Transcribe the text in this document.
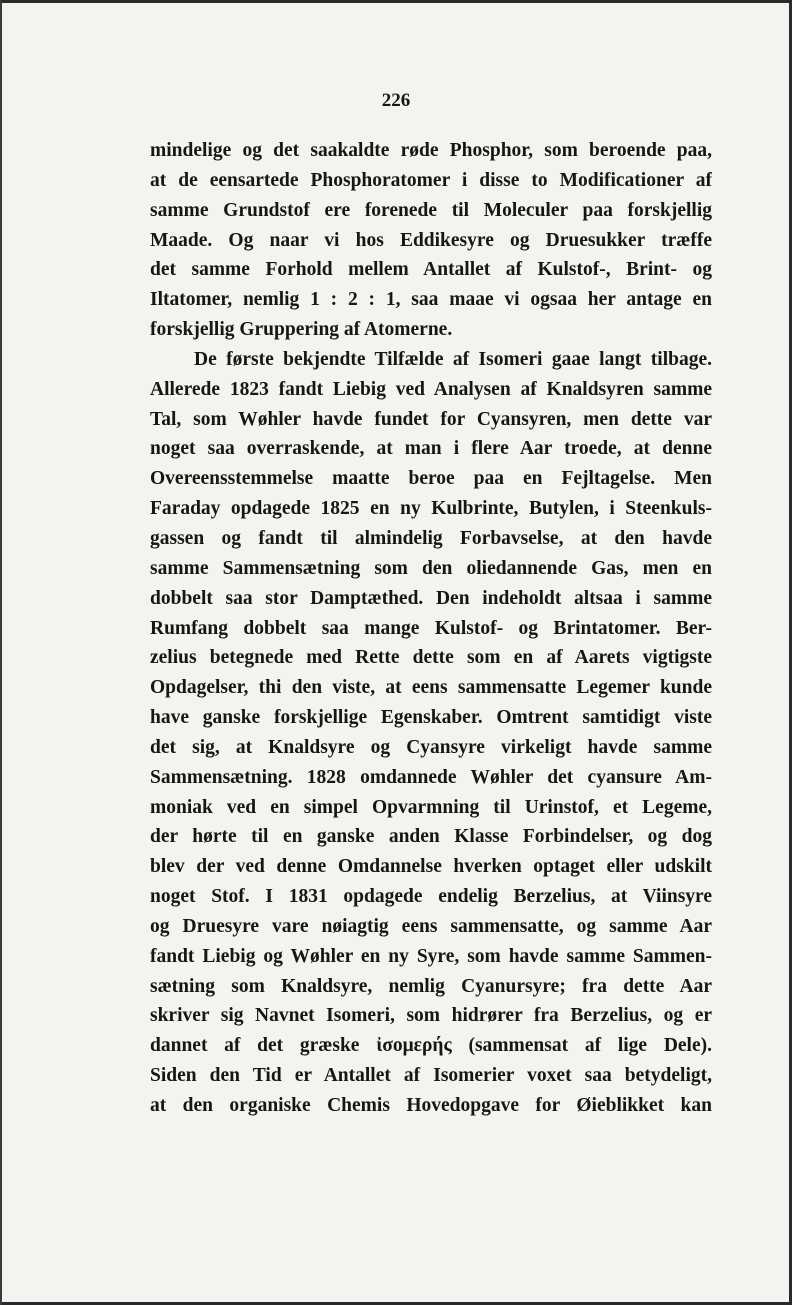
226
mindelige og det saakaldte røde Phosphor, som beroende paa,
at de eensartede Phosphoratomer i disse to Modificationer af
samme Grundstof ere forenede til Moleculer paa forskjellig
Maade. Og naar vi hos Eddikesyre og Druesukker træffe
det samme Forhold mellem Antallet af Kulstof-, Brint- og
Iltatomer, nemlig 1 : 2 : 1, saa maae vi ogsaa her antage en
forskjellig Gruppering af Atomerne.
De første bekjendte Tilfælde af Isomeri gaae langt tilbage.
Allerede 1823 fandt Liebig ved Analysen af Knaldsyren samme
Tal, som Wøhler havde fundet for Cyansyren, men dette var
noget saa overraskende, at man i flere Aar troede, at denne
Overeensstemmelse maatte beroe paa en Fejltagelse. Men
Faraday opdagede 1825 en ny Kulbrinte, Butylen, i Steenkuls-
gassen og fandt til almindelig Forbavselse, at den havde
samme Sammensætning som den oliedannende Gas, men en
dobbelt saa stor Damptæthed. Den indeholdt altsaa i samme
Rumfang dobbelt saa mange Kulstof- og Brintatomer. Ber-
zelius betegnede med Rette dette som en af Aarets vigtigste
Opdagelser, thi den viste, at eens sammensatte Legemer kunde
have ganske forskjellige Egenskaber. Omtrent samtidigt viste
det sig, at Knaldsyre og Cyansyre virkeligt havde samme
Sammensætning. 1828 omdannede Wøhler det cyansure Am-
moniak ved en simpel Opvarmning til Urinstof, et Legeme,
der hørte til en ganske anden Klasse Forbindelser, og dog
blev der ved denne Omdannelse hverken optaget eller udskilt
noget Stof. I 1831 opdagede endelig Berzelius, at Viinsyre
og Druesyre vare nøiagtig eens sammensatte, og samme Aar
fandt Liebig og Wøhler en ny Syre, som havde samme Sammen-
sætning som Knaldsyre, nemlig Cyanursyre; fra dette Aar
skriver sig Navnet Isomeri, som hidrører fra Berzelius, og er
dannet af det græske ἰσομερής (sammensat af lige Dele).
Siden den Tid er Antallet af Isomerier voxet saa betydeligt,
at den organiske Chemis Hovedopgave for Øieblikket kan
